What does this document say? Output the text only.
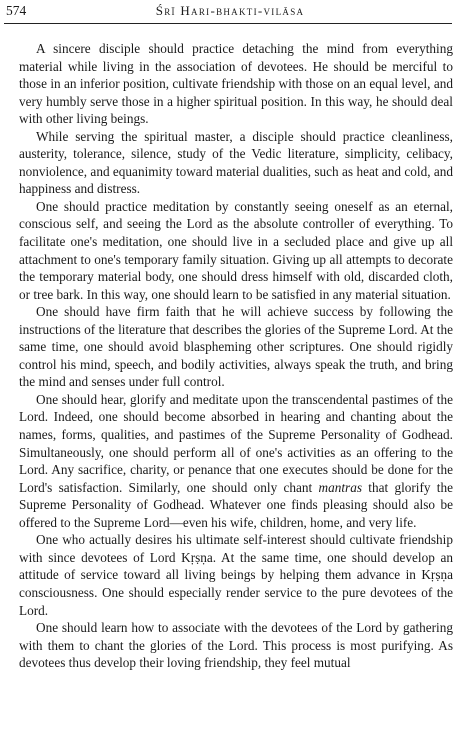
574	Śrī Hari-bhakti-vilāsa

A sincere disciple should practice detaching the mind from everything material while living in the association of devotees. He should be merciful to those in an inferior position, cultivate friendship with those on an equal level, and very humbly serve those in a higher spiritual position. In this way, he should deal with other living beings.

While serving the spiritual master, a disciple should practice cleanliness, austerity, tolerance, silence, study of the Vedic literature, simplicity, celibacy, nonviolence, and equanimity toward material dualities, such as heat and cold, and happiness and distress.

One should practice meditation by constantly seeing oneself as an eternal, conscious self, and seeing the Lord as the absolute controller of everything. To facilitate one's meditation, one should live in a secluded place and give up all attachment to one's temporary family situation. Giving up all attempts to decorate the temporary material body, one should dress himself with old, discarded cloth, or tree bark. In this way, one should learn to be satisfied in any material situation.

One should have firm faith that he will achieve success by following the instructions of the literature that describes the glories of the Supreme Lord. At the same time, one should avoid blaspheming other scriptures. One should rigidly control his mind, speech, and bodily activities, always speak the truth, and bring the mind and senses under full control.

One should hear, glorify and meditate upon the transcendental pastimes of the Lord. Indeed, one should become absorbed in hearing and chanting about the names, forms, qualities, and pastimes of the Supreme Personality of Godhead. Simultaneously, one should perform all of one's activities as an offering to the Lord. Any sacrifice, charity, or penance that one executes should be done for the Lord's satisfaction. Similarly, one should only chant mantras that glorify the Supreme Personality of Godhead. Whatever one finds pleasing should also be offered to the Supreme Lord—even his wife, children, home, and very life.

One who actually desires his ultimate self-interest should cultivate friendship with since devotees of Lord Kṛṣṇa. At the same time, one should develop an attitude of service toward all living beings by helping them advance in Kṛṣṇa consciousness. One should especially render service to the pure devotees of the Lord.

One should learn how to associate with the devotees of the Lord by gathering with them to chant the glories of the Lord. This process is most purifying. As devotees thus develop their loving friendship, they feel mutual
